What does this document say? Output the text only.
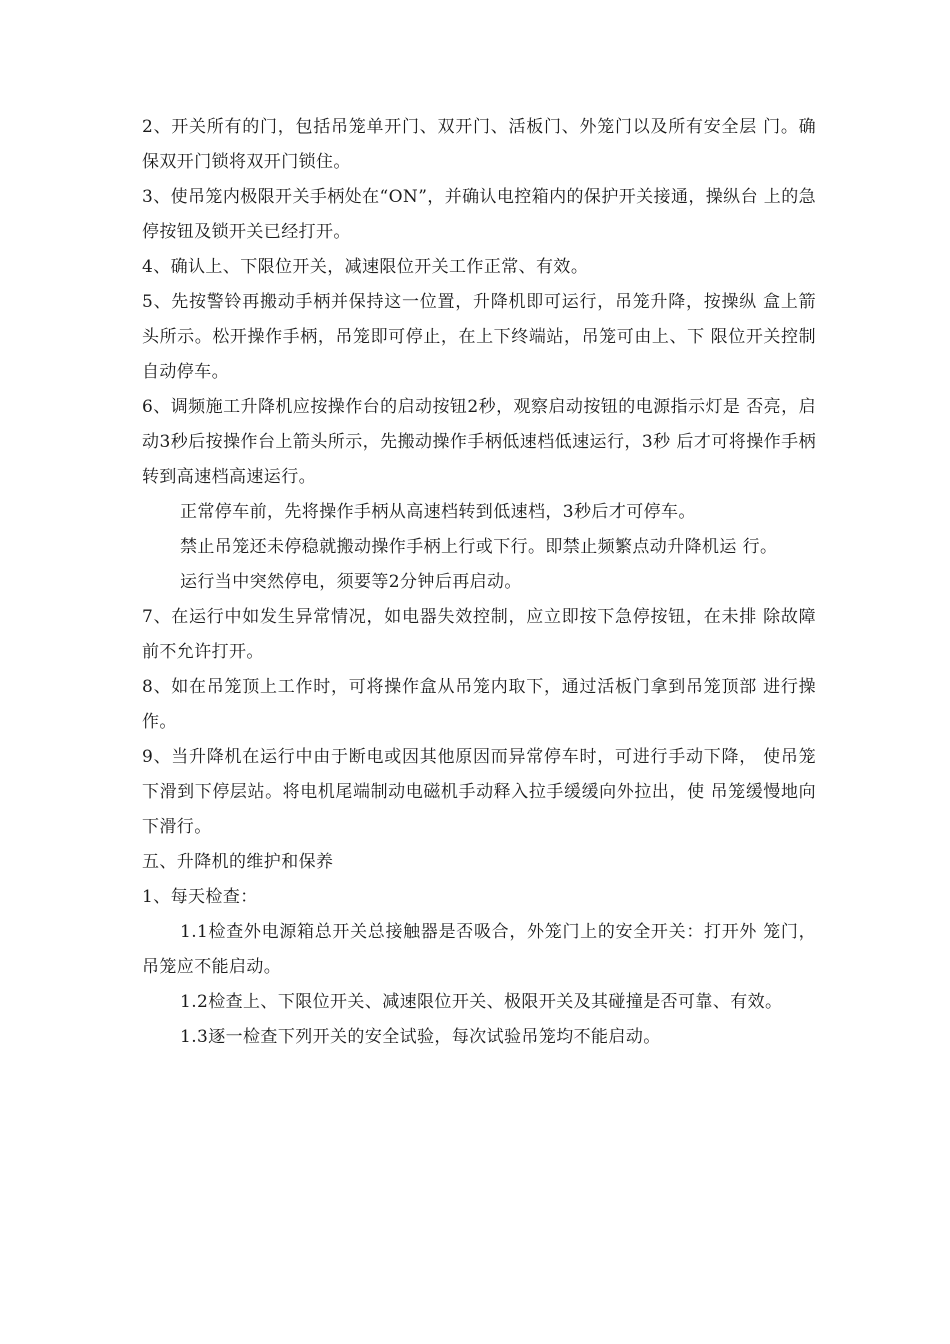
2、开关所有的门，包括吊笼单开门、双开门、活板门、外笼门以及所有安全层 门。确保双开门锁将双开门锁住。

3、使吊笼内极限开关手柄处在“ON”，并确认电控箱内的保护开关接通，操纵台 上的急停按钮及锁开关已经打开。

4、确认上、下限位开关，减速限位开关工作正常、有效。

5、先按警铃再搬动手柄并保持这一位置，升降机即可运行，吊笼升降，按操纵 盒上箭头所示。松开操作手柄，吊笼即可停止，在上下终端站，吊笼可由上、下 限位开关控制自动停车。

6、调频施工升降机应按操作台的启动按钮2秒，观察启动按钮的电源指示灯是 否亮，启动3秒后按操作台上箭头所示，先搬动操作手柄低速档低速运行，3秒 后才可将操作手柄转到高速档高速运行。

正常停车前，先将操作手柄从高速档转到低速档，3秒后才可停车。

禁止吊笼还未停稳就搬动操作手柄上行或下行。即禁止频繁点动升降机运 行。

运行当中突然停电，须要等2分钟后再启动。

7、在运行中如发生异常情况，如电器失效控制，应立即按下急停按钮，在未排 除故障前不允许打开。

8、如在吊笼顶上工作时，可将操作盒从吊笼内取下，通过活板门拿到吊笼顶部 进行操作。

9、当升降机在运行中由于断电或因其他原因而异常停车时，可进行手动下降， 使吊笼下滑到下停层站。将电机尾端制动电磁机手动释入拉手缓缓向外拉出，使 吊笼缓慢地向下滑行。

五、升降机的维护和保养

1、每天检查：

1.1检查外电源箱总开关总接触器是否吸合，外笼门上的安全开关：打开外 笼门，吊笼应不能启动。

1.2检查上、下限位开关、减速限位开关、极限开关及其碰撞是否可靠、有效。

1.3逐一检查下列开关的安全试验，每次试验吊笼均不能启动。
